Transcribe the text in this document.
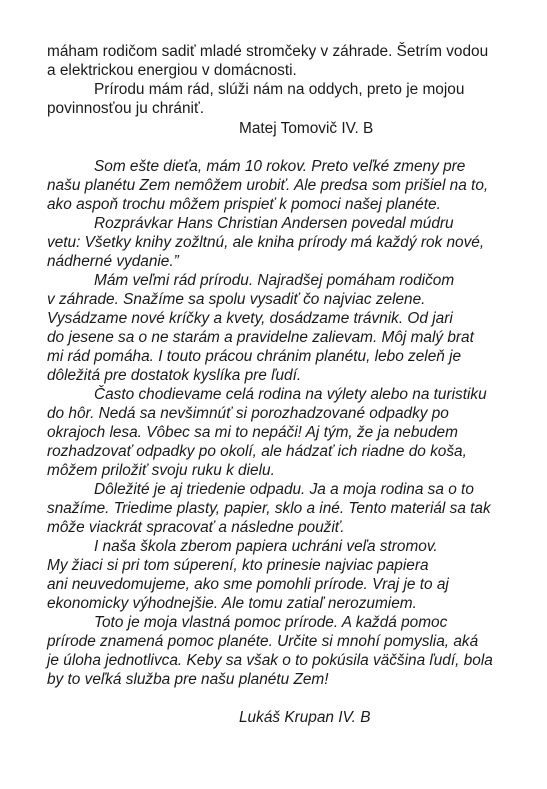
máham rodičom sadiť mladé stromčeky v záhrade. Šetrím vodou
a elektrickou energiou v domácnosti.
Prírodu mám rád, slúži nám na oddych, preto je mojou
povinnosťou ju chrániť.
Matej Tomovič IV. B
Som ešte dieťa, mám 10 rokov. Preto veľké zmeny pre
našu planétu Zem nemôžem urobiť. Ale predsa som prišiel na to,
ako aspoň trochu môžem prispieť k pomoci našej planéte.
Rozprávkar Hans Christian Andersen povedal múdru
vetu: Všetky knihy zožltnú, ale kniha prírody má každý rok nové,
nádherné vydanie.”
Mám veľmi rád prírodu. Najradšej pomáham rodičom
v záhrade. Snažíme sa spolu vysadiť čo najviac zelene.
Vysádzame nové kríčky a kvety, dosádzame trávnik. Od jari
do jesene sa o ne starám a pravidelne zalievam. Môj malý brat
mi rád pomáha. I touto prácou chránim planétu, lebo zeleň je
dôležitá pre dostatok kyslíka pre ľudí.
Často chodievame celá rodina na výlety alebo na turistiku
do hôr. Nedá sa nevšimnúť si porozhadzované odpadky po
okrajoch lesa. Vôbec sa mi to nepáči! Aj tým, že ja nebudem
rozhadzovať odpadky po okolí, ale hádzať ich riadne do koša,
môžem priložiť svoju ruku k dielu.
Dôležité je aj triedenie odpadu. Ja a moja rodina sa o to
snažíme. Triedime plasty, papier, sklo a iné. Tento materiál sa tak
môže viackrát spracovať a následne použiť.
I naša škola zberom papiera uchráni veľa stromov.
My žiaci si pri tom súperení, kto prinesie najviac papiera
ani neuvedomujeme, ako sme pomohli prírode. Vraj je to aj
ekonomicky výhodnejšie. Ale tomu zatiaľ nerozumiem.
Toto je moja vlastná pomoc prírode. A každá pomoc
prírode znamená pomoc planéte. Určite si mnohí pomyslia, aká
je úloha jednotlivca. Keby sa však o to pokúsila väčšina ľudí, bola
by to veľká služba pre našu planétu Zem!
Lukáš Krupan IV. B
